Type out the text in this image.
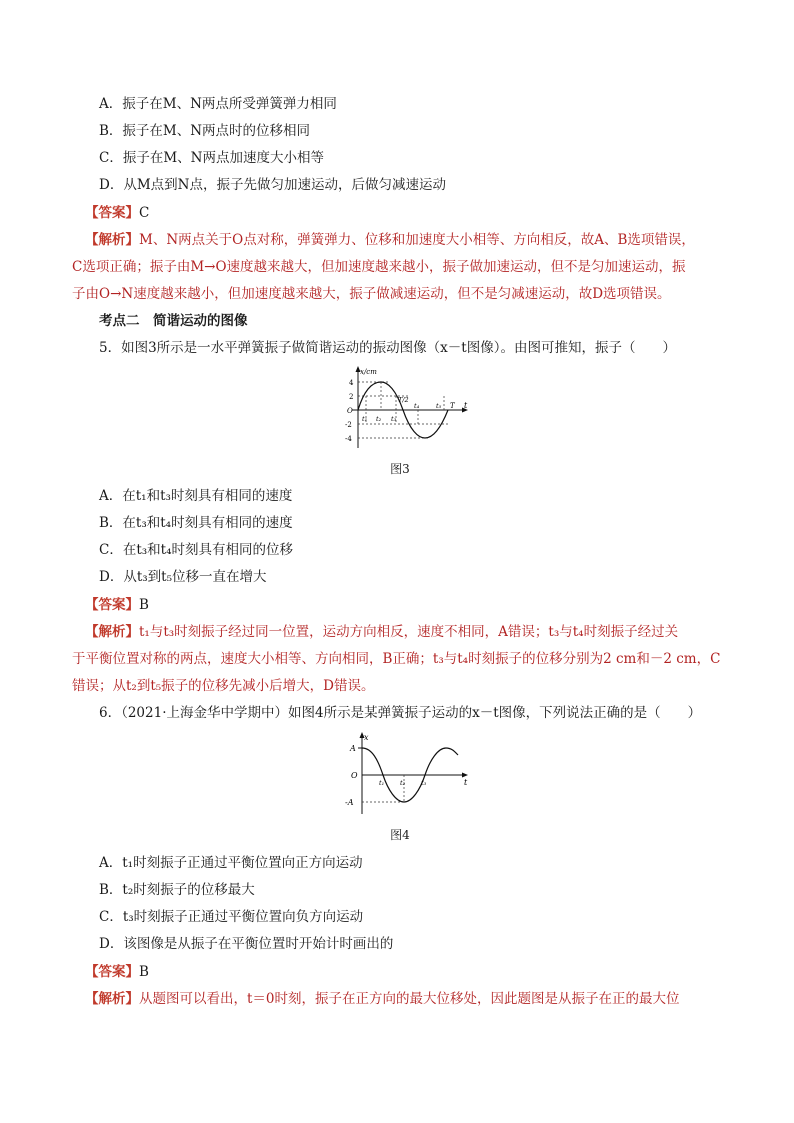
A．振子在M、N两点所受弹簧弹力相同
B．振子在M、N两点时的位移相同
C．振子在M、N两点加速度大小相等
D．从M点到N点，振子先做匀加速运动，后做匀减速运动
【答案】C
【解析】M、N两点关于O点对称，弹簧弹力、位移和加速度大小相等、方向相反，故A、B选项错误，
C选项正确；振子由M→O速度越来越大，但加速度越来越小，振子做加速运动，但不是匀加速运动，振
子由O→N速度越来越小，但加速度越来越大，振子做减速运动，但不是匀减速运动，故D选项错误。
考点二　简谐运动的图像
5．如图3所示是一水平弹簧振子做简谐运动的振动图像（x－t图像）。由图可推知，振子（　　）
x/cm
4
2
O
-2
-4
t
t₁ t₂ t₃
t₄	t₅ T
T/2
图3
A．在t₁和t₃时刻具有相同的速度
B．在t₃和t₄时刻具有相同的速度
C．在t₃和t₄时刻具有相同的位移
D．从t₃到t₅位移一直在增大
【答案】B
【解析】t₁与t₃时刻振子经过同一位置，运动方向相反，速度不相同，A错误；t₃与t₄时刻振子经过关
于平衡位置对称的两点，速度大小相等、方向相同，B正确；t₃与t₄时刻振子的位移分别为2 cm和－2 cm，C
错误；从t₂到t₅振子的位移先减小后增大，D错误。
6．（2021·上海金华中学期中）如图4所示是某弹簧振子运动的x－t图像，下列说法正确的是（　　）
x
A
O
-A
t
t₁ t₂ t₃
图4
A．t₁时刻振子正通过平衡位置向正方向运动
B．t₂时刻振子的位移最大
C．t₃时刻振子正通过平衡位置向负方向运动
D．该图像是从振子在平衡位置时开始计时画出的
【答案】B
【解析】从题图可以看出，t＝0时刻，振子在正方向的最大位移处，因此题图是从振子在正的最大位
